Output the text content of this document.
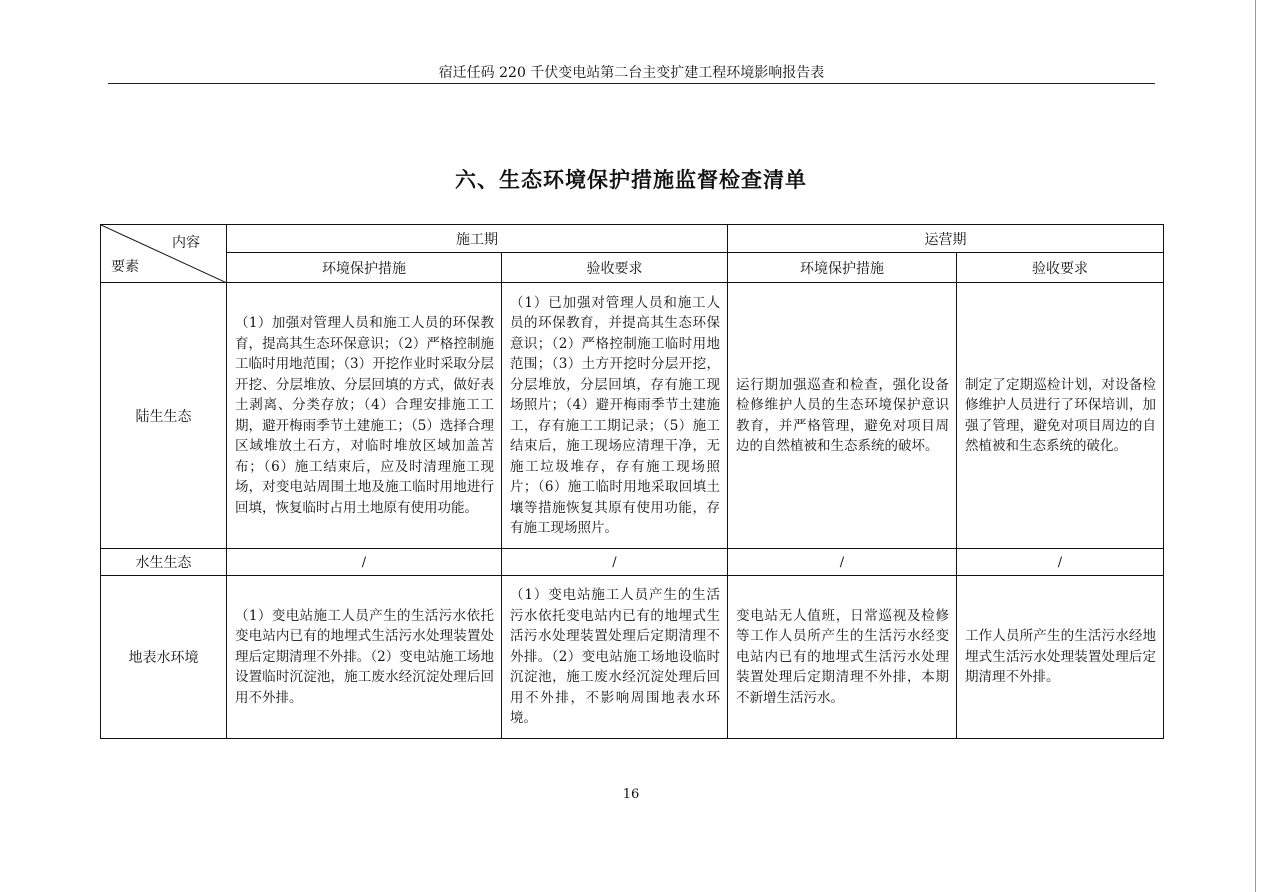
宿迁任码 220 千伏变电站第二台主变扩建工程环境影响报告表
六、生态环境保护措施监督检查清单
内容
要素	施工期		运营期	
	环境保护措施	验收要求	环境保护措施	验收要求
陆生生态	（1）加强对管理人员和施工人员的环保教育，提高其生态环保意识；（2）严格控制施工临时用地范围；（3）开挖作业时采取分层开挖、分层堆放、分层回填的方式，做好表土剥离、分类存放；（4）合理安排施工工期，避开梅雨季节土建施工；（5）选择合理区域堆放土石方，对临时堆放区域加盖苫布；（6）施工结束后，应及时清理施工现场，对变电站周围土地及施工临时用地进行回填，恢复临时占用土地原有使用功能。	（1）已加强对管理人员和施工人员的环保教育，并提高其生态环保意识；（2）严格控制施工临时用地范围；（3）土方开挖时分层开挖，分层堆放，分层回填，存有施工现场照片；（4）避开梅雨季节土建施工，存有施工工期记录；（5）施工结束后，施工现场应清理干净，无施工垃圾堆存，存有施工现场照片；（6）施工临时用地采取回填土壤等措施恢复其原有使用功能，存有施工现场照片。	运行期加强巡查和检查，强化设备检修维护人员的生态环境保护意识教育，并严格管理，避免对项目周边的自然植被和生态系统的破坏。	制定了定期巡检计划，对设备检修维护人员进行了环保培训，加强了管理，避免对项目周边的自然植被和生态系统的破化。

水生生态	/	/	/	/
地表水环境	（1）变电站施工人员产生的生活污水依托变电站内已有的地埋式生活污水处理装置处理后定期清理不外排。（2）变电站施工场地设置临时沉淀池，施工废水经沉淀处理后回用不外排。	（1）变电站施工人员产生的生活污水依托变电站内已有的地埋式生活污水处理装置处理后定期清理不外排。（2）变电站施工场地设临时沉淀池，施工废水经沉淀处理后回用不外排，不影响周围地表水环境。	变电站无人值班，日常巡视及检修等工作人员所产生的生活污水经变电站内已有的地埋式生活污水处理装置处理后定期清理不外排，本期不新增生活污水。	工作人员所产生的生活污水经地埋式生活污水处理装置处理后定期清理不外排。
16
